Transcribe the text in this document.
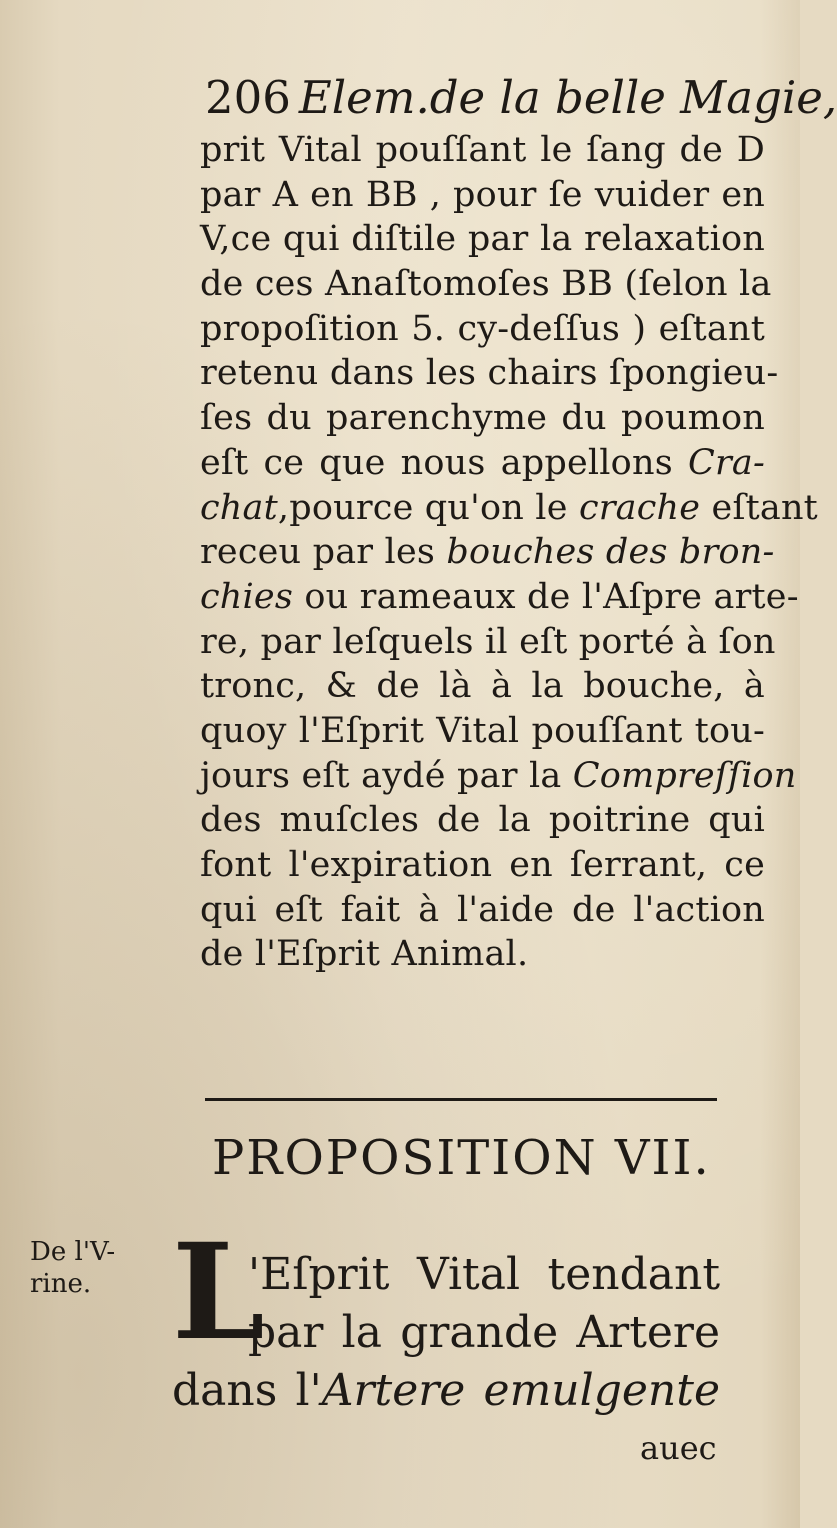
206 Elem.de la belle Magie,
prit Vital pouſſant le ſang de D
par A en BB , pour ſe vuider en
V,ce qui diſtile par la relaxation
de ces Anaſtomoſes BB (ſelon la
propoſition 5. cy-deſſus ) eſtant
retenu dans les chairs ſpongieu-
ſes du parenchyme du poumon
eſt ce que nous appellons Cra-
chat,pource qu'on le crache eſtant
receu par les bouches des bron-
chies ou rameaux de l'Aſpre arte-
re, par leſquels il eſt porté à ſon
tronc, & de là à la bouche, à
quoy l'Eſprit Vital pouſſant tou-
jours eſt aydé par la Compreſſion
des muſcles de la poitrine qui
font l'expiration en ſerrant, ce
qui eſt fait à l'aide de l'action
de l'Eſprit Animal.
PROPOSITION VII.
De l'V-
rine. L
'Eſprit Vital tendant
par la grande Artere
dans l'Artere emulgente
auec
